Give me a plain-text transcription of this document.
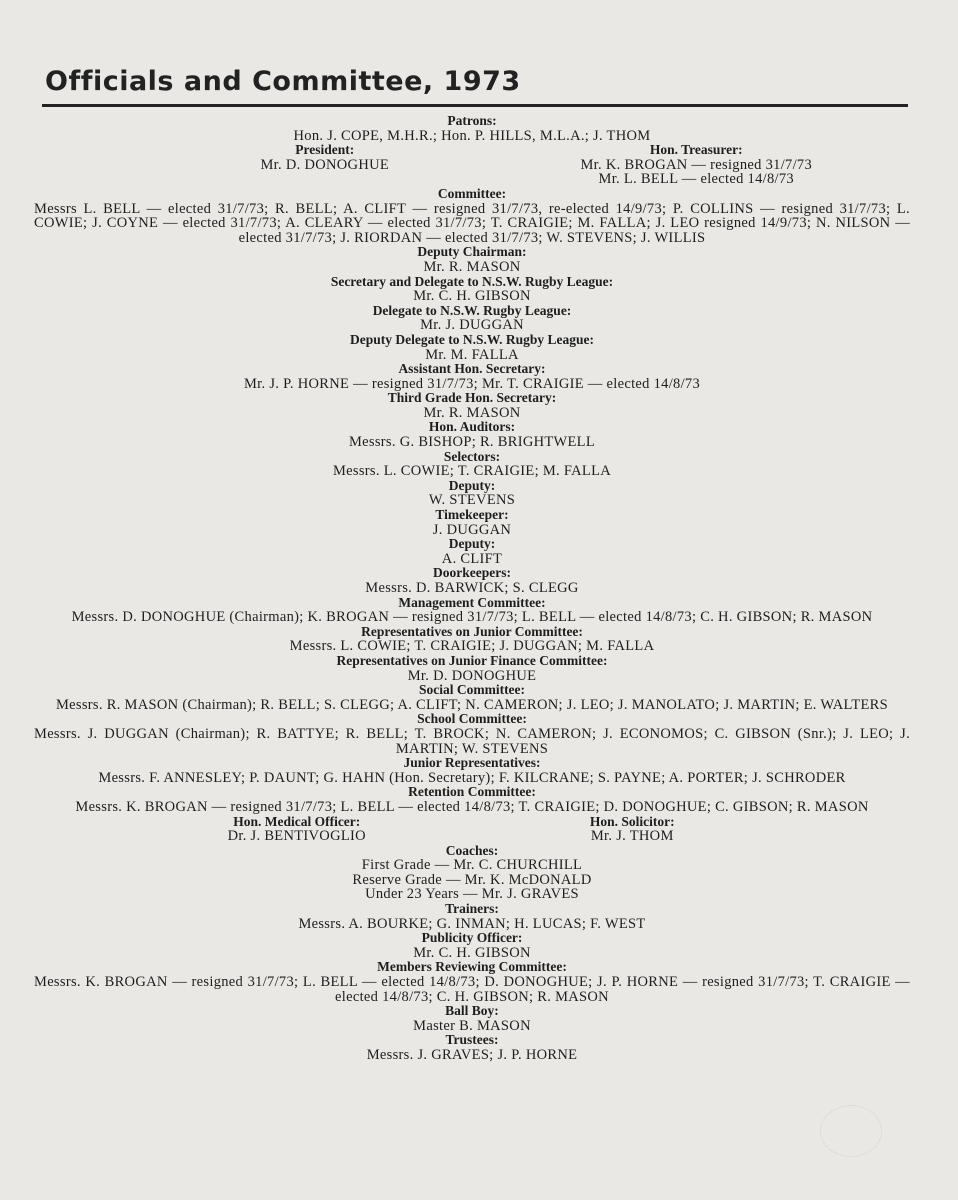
Officials and Committee, 1973
Patrons:
Hon. J. COPE, M.H.R.; Hon. P. HILLS, M.L.A.; J. THOM
President:
Mr. D. DONOGHUE
Hon. Treasurer:
Mr. K. BROGAN — resigned 31/7/73
Mr. L. BELL — elected 14/8/73
Committee:
Messrs L. BELL — elected 31/7/73; R. BELL; A. CLIFT — resigned 31/7/73, re-elected 14/9/73; P. COLLINS — resigned 31/7/73; L. COWIE; J. COYNE — elected 31/7/73; A. CLEARY — elected 31/7/73; T. CRAIGIE; M. FALLA; J. LEO resigned 14/9/73; N. NILSON — elected 31/7/73; J. RIORDAN — elected 31/7/73; W. STEVENS; J. WILLIS
Deputy Chairman:
Mr. R. MASON
Secretary and Delegate to N.S.W. Rugby League:
Mr. C. H. GIBSON
Delegate to N.S.W. Rugby League:
Mr. J. DUGGAN
Deputy Delegate to N.S.W. Rugby League:
Mr. M. FALLA
Assistant Hon. Secretary:
Mr. J. P. HORNE — resigned 31/7/73; Mr. T. CRAIGIE — elected 14/8/73
Third Grade Hon. Secretary:
Mr. R. MASON
Hon. Auditors:
Messrs. G. BISHOP; R. BRIGHTWELL
Selectors:
Messrs. L. COWIE; T. CRAIGIE; M. FALLA
Deputy:
W. STEVENS
Timekeeper:
J. DUGGAN
Deputy:
A. CLIFT
Doorkeepers:
Messrs. D. BARWICK; S. CLEGG
Management Committee:
Messrs. D. DONOGHUE (Chairman); K. BROGAN — resigned 31/7/73; L. BELL — elected 14/8/73; C. H. GIBSON; R. MASON
Representatives on Junior Committee:
Messrs. L. COWIE; T. CRAIGIE; J. DUGGAN; M. FALLA
Representatives on Junior Finance Committee:
Mr. D. DONOGHUE
Social Committee:
Messrs. R. MASON (Chairman); R. BELL; S. CLEGG; A. CLIFT; N. CAMERON; J. LEO; J. MANOLATO; J. MARTIN; E. WALTERS
School Committee:
Messrs. J. DUGGAN (Chairman); R. BATTYE; R. BELL; T. BROCK; N. CAMERON; J. ECONOMOS; C. GIBSON (Snr.); J. LEO; J. MARTIN; W. STEVENS
Junior Representatives:
Messrs. F. ANNESLEY; P. DAUNT; G. HAHN (Hon. Secretary); F. KILCRANE; S. PAYNE; A. PORTER; J. SCHRODER
Retention Committee:
Messrs. K. BROGAN — resigned 31/7/73; L. BELL — elected 14/8/73; T. CRAIGIE; D. DONOGHUE; C. GIBSON; R. MASON
Hon. Medical Officer:
Dr. J. BENTIVOGLIO
Hon. Solicitor:
Mr. J. THOM
Coaches:
First Grade — Mr. C. CHURCHILL
Reserve Grade — Mr. K. McDONALD
Under 23 Years — Mr. J. GRAVES
Trainers:
Messrs. A. BOURKE; G. INMAN; H. LUCAS; F. WEST
Publicity Officer:
Mr. C. H. GIBSON
Members Reviewing Committee:
Messrs. K. BROGAN — resigned 31/7/73; L. BELL — elected 14/8/73; D. DONOGHUE; J. P. HORNE — resigned 31/7/73; T. CRAIGIE — elected 14/8/73; C. H. GIBSON; R. MASON
Ball Boy:
Master B. MASON
Trustees:
Messrs. J. GRAVES; J. P. HORNE
